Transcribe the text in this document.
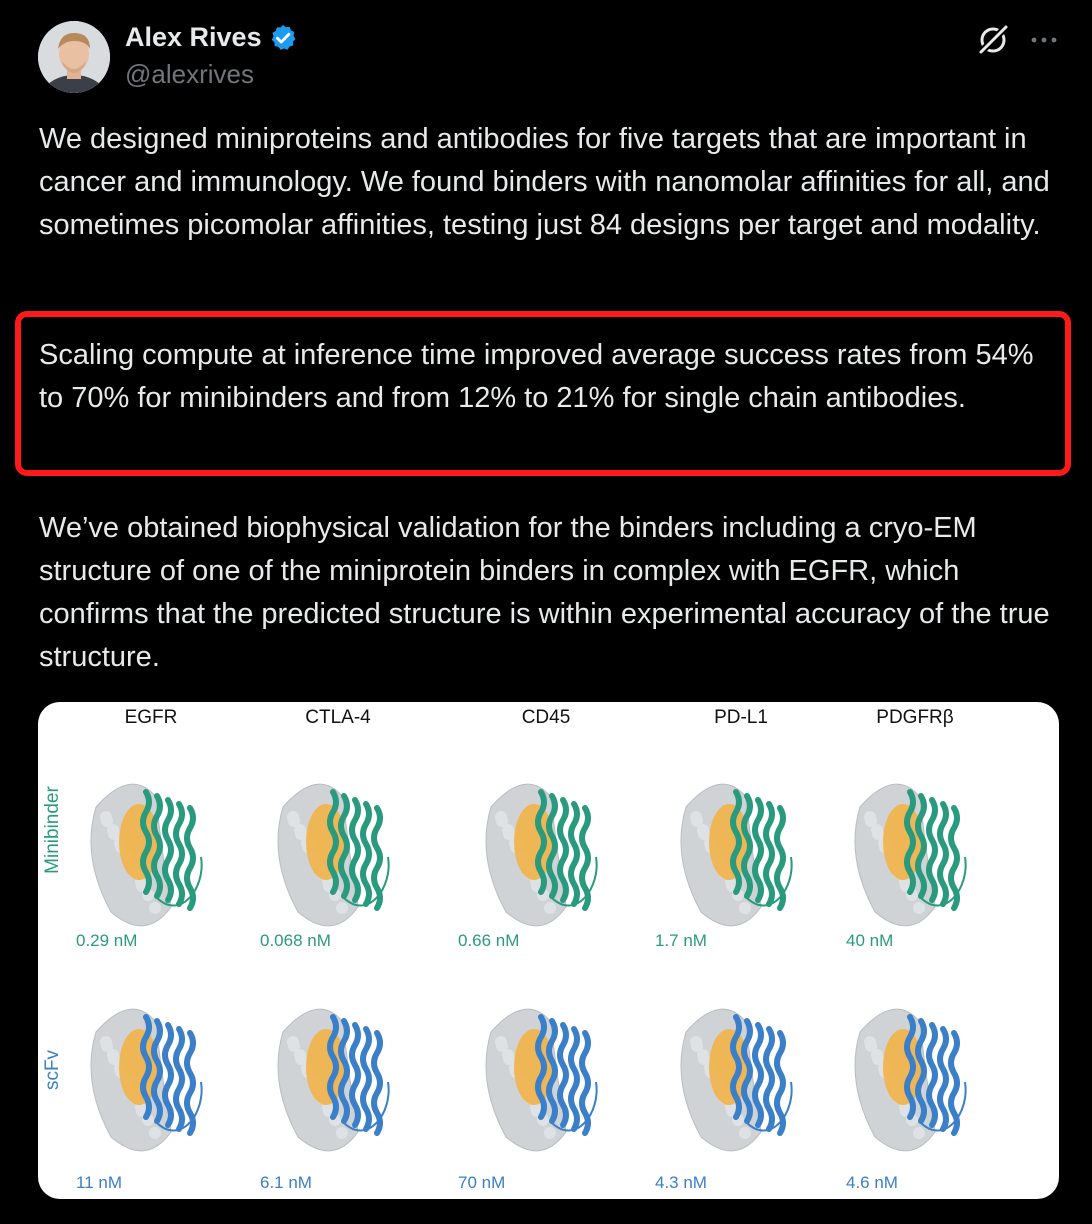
Alex Rives
@alexrives

We designed miniproteins and antibodies for five targets that are important in cancer and immunology. We found binders with nanomolar affinities for all, and sometimes picomolar affinities, testing just 84 designs per target and modality.

Scaling compute at inference time improved average success rates from 54% to 70% for minibinders and from 12% to 21% for single chain antibodies.

We’ve obtained biophysical validation for the binders including a cryo-EM structure of one of the miniprotein binders in complex with EGFR, which confirms that the predicted structure is within experimental accuracy of the true structure.

EGFR	CTLA-4	CD45	PD-L1	PDGFRβ
Minibinder
0.29 nM	0.068 nM	0.66 nM	1.7 nM	40 nM
scFv
11 nM	6.1 nM	70 nM	4.3 nM	4.6 nM
